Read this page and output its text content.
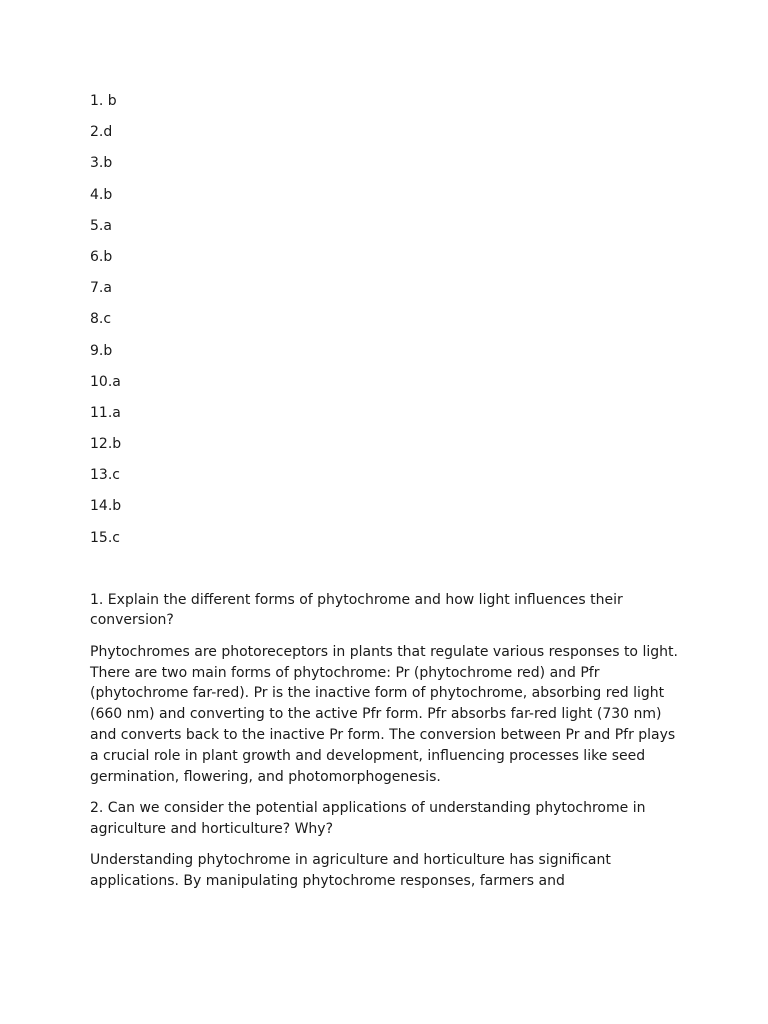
1. b
2.d
3.b
4.b
5.a
6.b
7.a
8.c
9.b
10.a
11.a
12.b
13.c
14.b
15.c

1. Explain the different forms of phytochrome and how light influences their conversion?

Phytochromes are photoreceptors in plants that regulate various responses to light. There are two main forms of phytochrome: Pr (phytochrome red) and Pfr (phytochrome far-red). Pr is the inactive form of phytochrome, absorbing red light (660 nm) and converting to the active Pfr form. Pfr absorbs far-red light (730 nm) and converts back to the inactive Pr form. The conversion between Pr and Pfr plays a crucial role in plant growth and development, influencing processes like seed germination, flowering, and photomorphogenesis.

2. Can we consider the potential applications of understanding phytochrome in agriculture and horticulture? Why?

Understanding phytochrome in agriculture and horticulture has significant applications. By manipulating phytochrome responses, farmers and
